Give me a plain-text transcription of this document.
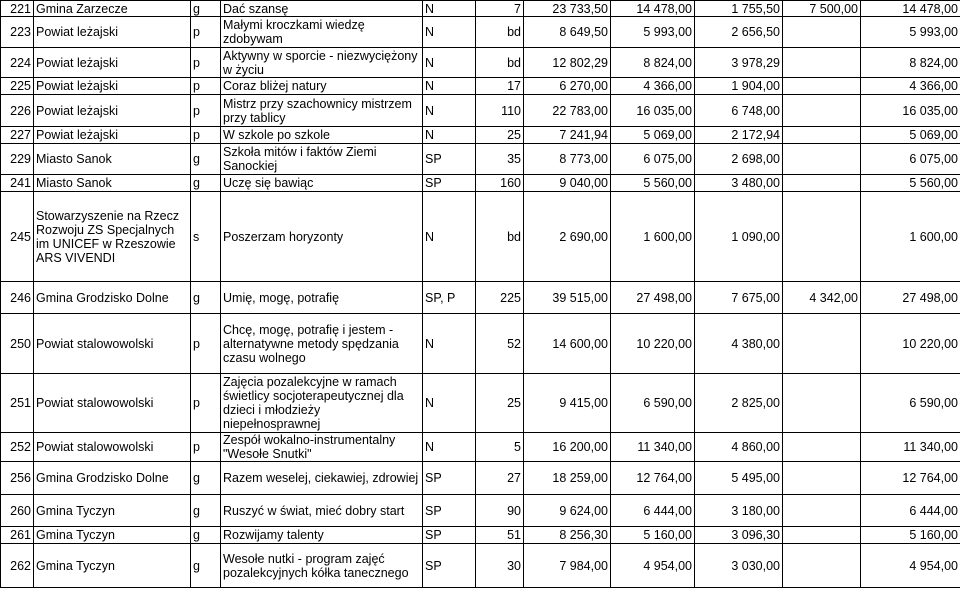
221	Gmina Zarzecze	g	Dać szansę	N	7	23 733,50	14 478,00	1 755,50	7 500,00	14 478,00
223	Powiat leżajski	p	Małymi kroczkami wiedzę zdobywam	N	bd	8 649,50	5 993,00	2 656,50		5 993,00
224	Powiat leżajski	p	Aktywny w sporcie - niezwyciężony w życiu	N	bd	12 802,29	8 824,00	3 978,29		8 824,00
225	Powiat leżajski	p	Coraz bliżej natury	N	17	6 270,00	4 366,00	1 904,00		4 366,00
226	Powiat leżajski	p	Mistrz przy szachownicy mistrzem przy tablicy	N	110	22 783,00	16 035,00	6 748,00		16 035,00
227	Powiat leżajski	p	W szkole po szkole	N	25	7 241,94	5 069,00	2 172,94		5 069,00
229	Miasto Sanok	g	Szkoła mitów i faktów Ziemi Sanockiej	SP	35	8 773,00	6 075,00	2 698,00		6 075,00
241	Miasto Sanok	g	Uczę się bawiąc	SP	160	9 040,00	5 560,00	3 480,00		5 560,00
245	Stowarzyszenie na Rzecz Rozwoju ZS Specjalnych im UNICEF w Rzeszowie ARS VIVENDI	s	Poszerzam horyzonty	N	bd	2 690,00	1 600,00	1 090,00		1 600,00
246	Gmina Grodzisko Dolne	g	Umię, mogę, potrafię	SP, P	225	39 515,00	27 498,00	7 675,00	4 342,00	27 498,00
250	Powiat stalowowolski	p	Chcę, mogę, potrafię i jestem - alternatywne metody spędzania czasu wolnego	N	52	14 600,00	10 220,00	4 380,00		10 220,00
251	Powiat stalowowolski	p	Zajęcia pozalekcyjne w ramach świetlicy socjoterapeutycznej dla dzieci i młodzieży niepełnosprawnej	N	25	9 415,00	6 590,00	2 825,00		6 590,00
252	Powiat stalowowolski	p	Zespół wokalno-instrumentalny "Wesołe Snutki"	N	5	16 200,00	11 340,00	4 860,00		11 340,00
256	Gmina Grodzisko Dolne	g	Razem weselej, ciekawiej, zdrowiej	SP	27	18 259,00	12 764,00	5 495,00		12 764,00
260	Gmina Tyczyn	g	Ruszyć w świat, mieć dobry start	SP	90	9 624,00	6 444,00	3 180,00		6 444,00
261	Gmina Tyczyn	g	Rozwijamy talenty	SP	51	8 256,30	5 160,00	3 096,30		5 160,00
262	Gmina Tyczyn	g	Wesołe nutki - program zajęć pozalekcyjnych kółka tanecznego	SP	30	7 984,00	4 954,00	3 030,00		4 954,00
